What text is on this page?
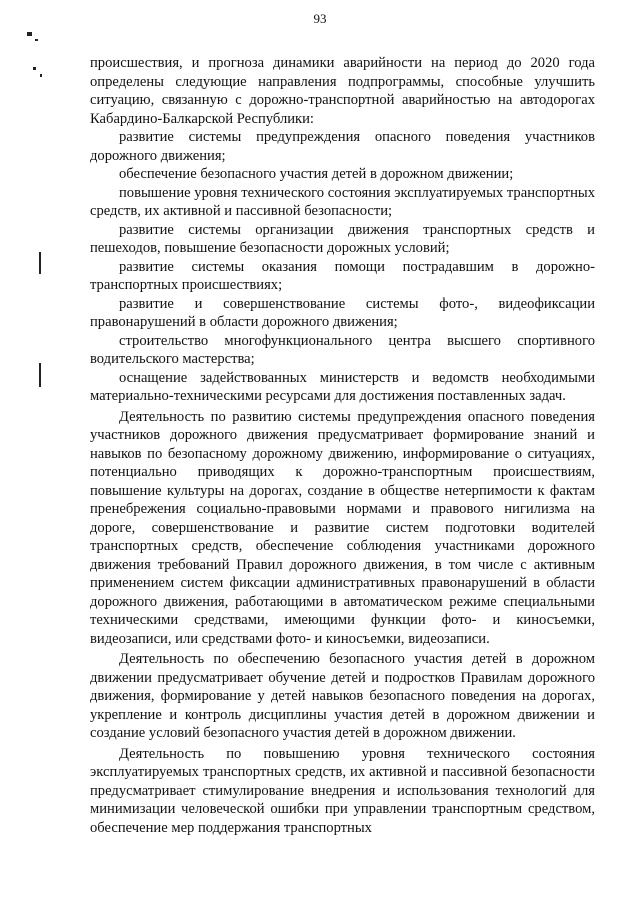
93

происшествия, и прогноза динамики аварийности на период до 2020 года определены следующие направления подпрограммы, способные улучшить ситуацию, связанную с дорожно-транспортной аварийностью на автодорогах Кабардино-Балкарской Республики:

развитие системы предупреждения опасного поведения участников дорожного движения;

обеспечение безопасного участия детей в дорожном движении;

повышение уровня технического состояния эксплуатируемых транспортных средств, их активной и пассивной безопасности;

развитие системы организации движения транспортных средств и пешеходов, повышение безопасности дорожных условий;

развитие системы оказания помощи пострадавшим в дорожно-транспортных происшествиях;

развитие и совершенствование системы фото-, видеофиксации правонарушений в области дорожного движения;

строительство многофункционального центра высшего спортивного водительского мастерства;

оснащение задействованных министерств и ведомств необходимыми материально-техническими ресурсами для достижения поставленных задач.

Деятельность по развитию системы предупреждения опасного поведения участников дорожного движения предусматривает формирование знаний и навыков по безопасному дорожному движению, информирование о ситуациях, потенциально приводящих к дорожно-транспортным происшествиям, повышение культуры на дорогах, создание в обществе нетерпимости к фактам пренебрежения социально-правовыми нормами и правового нигилизма на дороге, совершенствование и развитие систем подготовки водителей транспортных средств, обеспечение соблюдения участниками дорожного движения требований Правил дорожного движения, в том числе с активным применением систем фиксации административных правонарушений в области дорожного движения, работающими в автоматическом режиме специальными техническими средствами, имеющими функции фото- и киносъемки, видеозаписи, или средствами фото- и киносъемки, видеозаписи.

Деятельность по обеспечению безопасного участия детей в дорожном движении предусматривает обучение детей и подростков Правилам дорожного движения, формирование у детей навыков безопасного поведения на дорогах, укрепление и контроль дисциплины участия детей в дорожном движении и создание условий безопасного участия детей в дорожном движении.

Деятельность по повышению уровня технического состояния эксплуатируемых транспортных средств, их активной и пассивной безопасности предусматривает стимулирование внедрения и использования технологий для минимизации человеческой ошибки при управлении транспортным средством, обеспечение мер поддержания транспортных
